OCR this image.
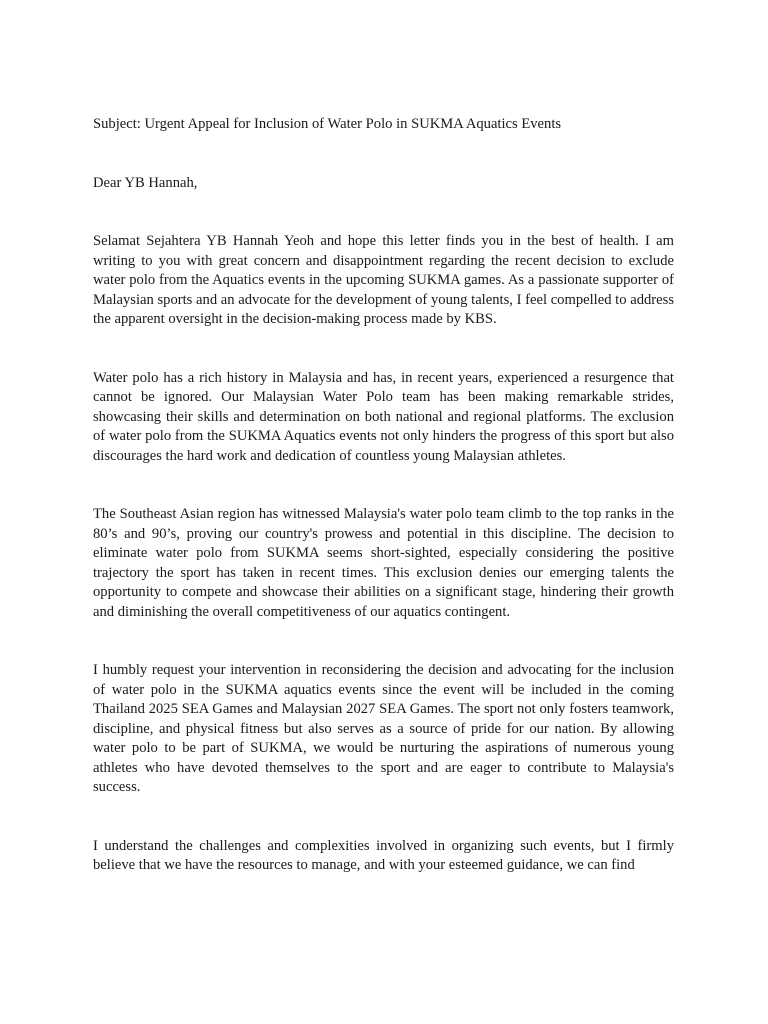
Subject: Urgent Appeal for Inclusion of Water Polo in SUKMA Aquatics Events

Dear YB Hannah,

Selamat Sejahtera YB Hannah Yeoh and hope this letter finds you in the best of health. I am writing to you with great concern and disappointment regarding the recent decision to exclude water polo from the Aquatics events in the upcoming SUKMA games. As a passionate supporter of Malaysian sports and an advocate for the development of young talents, I feel compelled to address the apparent oversight in the decision-making process made by KBS.

Water polo has a rich history in Malaysia and has, in recent years, experienced a resurgence that cannot be ignored. Our Malaysian Water Polo team has been making remarkable strides, showcasing their skills and determination on both national and regional platforms. The exclusion of water polo from the SUKMA Aquatics events not only hinders the progress of this sport but also discourages the hard work and dedication of countless young Malaysian athletes.

The Southeast Asian region has witnessed Malaysia's water polo team climb to the top ranks in the 80’s and 90’s, proving our country's prowess and potential in this discipline. The decision to eliminate water polo from SUKMA seems short-sighted, especially considering the positive trajectory the sport has taken in recent times. This exclusion denies our emerging talents the opportunity to compete and showcase their abilities on a significant stage, hindering their growth and diminishing the overall competitiveness of our aquatics contingent.

I humbly request your intervention in reconsidering the decision and advocating for the inclusion of water polo in the SUKMA aquatics events since the event will be included in the coming Thailand 2025 SEA Games and Malaysian 2027 SEA Games. The sport not only fosters teamwork, discipline, and physical fitness but also serves as a source of pride for our nation. By allowing water polo to be part of SUKMA, we would be nurturing the aspirations of numerous young athletes who have devoted themselves to the sport and are eager to contribute to Malaysia's success.

I understand the challenges and complexities involved in organizing such events, but I firmly believe that we have the resources to manage, and with your esteemed guidance, we can find
